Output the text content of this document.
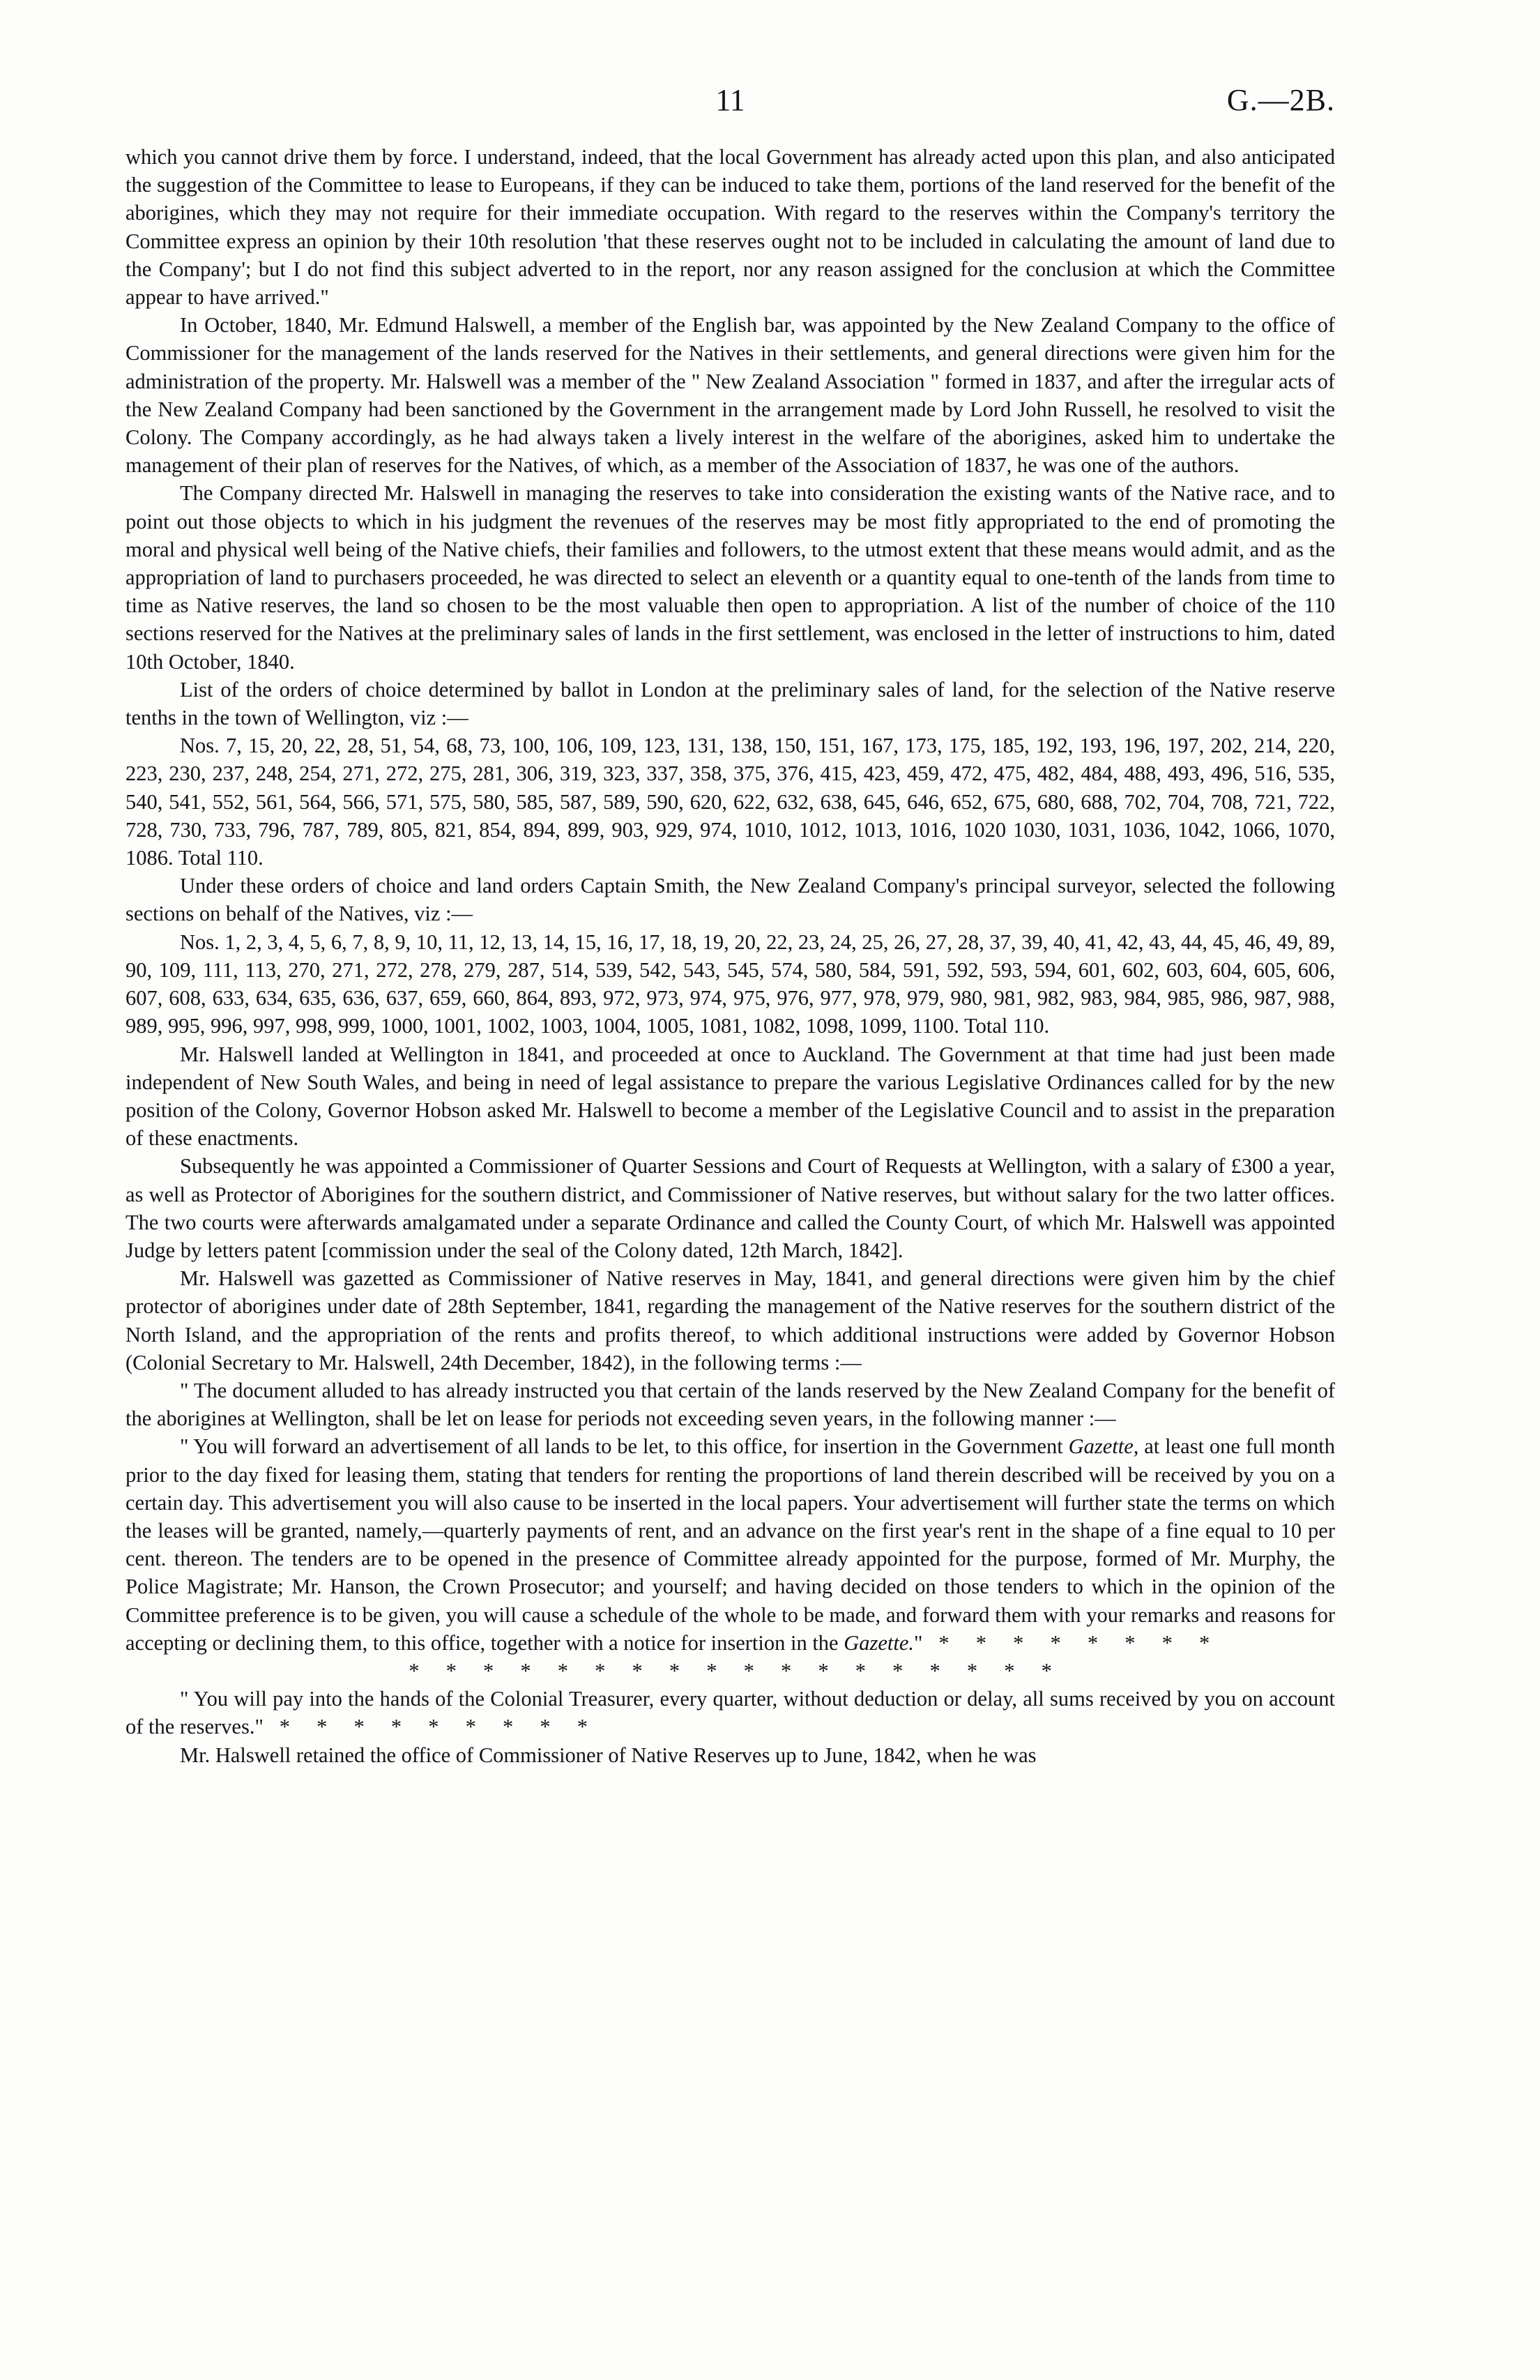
11	G.—2B.

which you cannot drive them by force. I understand, indeed, that the local Government has already acted upon this plan, and also anticipated the suggestion of the Committee to lease to Europeans, if they can be induced to take them, portions of the land reserved for the benefit of the aborigines, which they may not require for their immediate occupation. With regard to the reserves within the Company's territory the Committee express an opinion by their 10th resolution 'that these reserves ought not to be included in calculating the amount of land due to the Company'; but I do not find this subject adverted to in the report, nor any reason assigned for the conclusion at which the Committee appear to have arrived."

In October, 1840, Mr. Edmund Halswell, a member of the English bar, was appointed by the New Zealand Company to the office of Commissioner for the management of the lands reserved for the Natives in their settlements, and general directions were given him for the administration of the property. Mr. Halswell was a member of the " New Zealand Association " formed in 1837, and after the irregular acts of the New Zealand Company had been sanctioned by the Government in the arrangement made by Lord John Russell, he resolved to visit the Colony. The Company accordingly, as he had always taken a lively interest in the welfare of the aborigines, asked him to undertake the management of their plan of reserves for the Natives, of which, as a member of the Association of 1837, he was one of the authors.

The Company directed Mr. Halswell in managing the reserves to take into consideration the existing wants of the Native race, and to point out those objects to which in his judgment the revenues of the reserves may be most fitly appropriated to the end of promoting the moral and physical well being of the Native chiefs, their families and followers, to the utmost extent that these means would admit, and as the appropriation of land to purchasers proceeded, he was directed to select an eleventh or a quantity equal to one-tenth of the lands from time to time as Native reserves, the land so chosen to be the most valuable then open to appropriation. A list of the number of choice of the 110 sections reserved for the Natives at the preliminary sales of lands in the first settlement, was enclosed in the letter of instructions to him, dated 10th October, 1840.

List of the orders of choice determined by ballot in London at the preliminary sales of land, for the selection of the Native reserve tenths in the town of Wellington, viz :—

Nos. 7, 15, 20, 22, 28, 51, 54, 68, 73, 100, 106, 109, 123, 131, 138, 150, 151, 167, 173, 175, 185, 192, 193, 196, 197, 202, 214, 220, 223, 230, 237, 248, 254, 271, 272, 275, 281, 306, 319, 323, 337, 358, 375, 376, 415, 423, 459, 472, 475, 482, 484, 488, 493, 496, 516, 535, 540, 541, 552, 561, 564, 566, 571, 575, 580, 585, 587, 589, 590, 620, 622, 632, 638, 645, 646, 652, 675, 680, 688, 702, 704, 708, 721, 722, 728, 730, 733, 796, 787, 789, 805, 821, 854, 894, 899, 903, 929, 974, 1010, 1012, 1013, 1016, 1020 1030, 1031, 1036, 1042, 1066, 1070, 1086. Total 110.

Under these orders of choice and land orders Captain Smith, the New Zealand Company's principal surveyor, selected the following sections on behalf of the Natives, viz :—

Nos. 1, 2, 3, 4, 5, 6, 7, 8, 9, 10, 11, 12, 13, 14, 15, 16, 17, 18, 19, 20, 22, 23, 24, 25, 26, 27, 28, 37, 39, 40, 41, 42, 43, 44, 45, 46, 49, 89, 90, 109, 111, 113, 270, 271, 272, 278, 279, 287, 514, 539, 542, 543, 545, 574, 580, 584, 591, 592, 593, 594, 601, 602, 603, 604, 605, 606, 607, 608, 633, 634, 635, 636, 637, 659, 660, 864, 893, 972, 973, 974, 975, 976, 977, 978, 979, 980, 981, 982, 983, 984, 985, 986, 987, 988, 989, 995, 996, 997, 998, 999, 1000, 1001, 1002, 1003, 1004, 1005, 1081, 1082, 1098, 1099, 1100. Total 110.

Mr. Halswell landed at Wellington in 1841, and proceeded at once to Auckland. The Government at that time had just been made independent of New South Wales, and being in need of legal assistance to prepare the various Legislative Ordinances called for by the new position of the Colony, Governor Hobson asked Mr. Halswell to become a member of the Legislative Council and to assist in the preparation of these enactments.

Subsequently he was appointed a Commissioner of Quarter Sessions and Court of Requests at Wellington, with a salary of £300 a year, as well as Protector of Aborigines for the southern district, and Commissioner of Native reserves, but without salary for the two latter offices. The two courts were afterwards amalgamated under a separate Ordinance and called the County Court, of which Mr. Halswell was appointed Judge by letters patent [commission under the seal of the Colony dated, 12th March, 1842].

Mr. Halswell was gazetted as Commissioner of Native reserves in May, 1841, and general directions were given him by the chief protector of aborigines under date of 28th September, 1841, regarding the management of the Native reserves for the southern district of the North Island, and the appropriation of the rents and profits thereof, to which additional instructions were added by Governor Hobson (Colonial Secretary to Mr. Halswell, 24th December, 1842), in the following terms :—

" The document alluded to has already instructed you that certain of the lands reserved by the New Zealand Company for the benefit of the aborigines at Wellington, shall be let on lease for periods not exceeding seven years, in the following manner :—

" You will forward an advertisement of all lands to be let, to this office, for insertion in the Government Gazette, at least one full month prior to the day fixed for leasing them, stating that tenders for renting the proportions of land therein described will be received by you on a certain day. This advertisement you will also cause to be inserted in the local papers. Your advertisement will further state the terms on which the leases will be granted, namely,—quarterly payments of rent, and an advance on the first year's rent in the shape of a fine equal to 10 per cent. thereon. The tenders are to be opened in the presence of Committee already appointed for the purpose, formed of Mr. Murphy, the Police Magistrate; Mr. Hanson, the Crown Prosecutor; and yourself; and having decided on those tenders to which in the opinion of the Committee preference is to be given, you will cause a schedule of the whole to be made, and forward them with your remarks and reasons for accepting or declining them, to this office, together with a notice for insertion in the Gazette."   *     *     *     *     *     *     *     *

*     *     *     *     *     *     *     *     *     *     *     *     *     *     *     *     *     *

" You will pay into the hands of the Colonial Treasurer, every quarter, without deduction or delay, all sums received by you on account of the reserves."   *     *     *     *     *     *     *     *     *

Mr. Halswell retained the office of Commissioner of Native Reserves up to June, 1842, when he was
